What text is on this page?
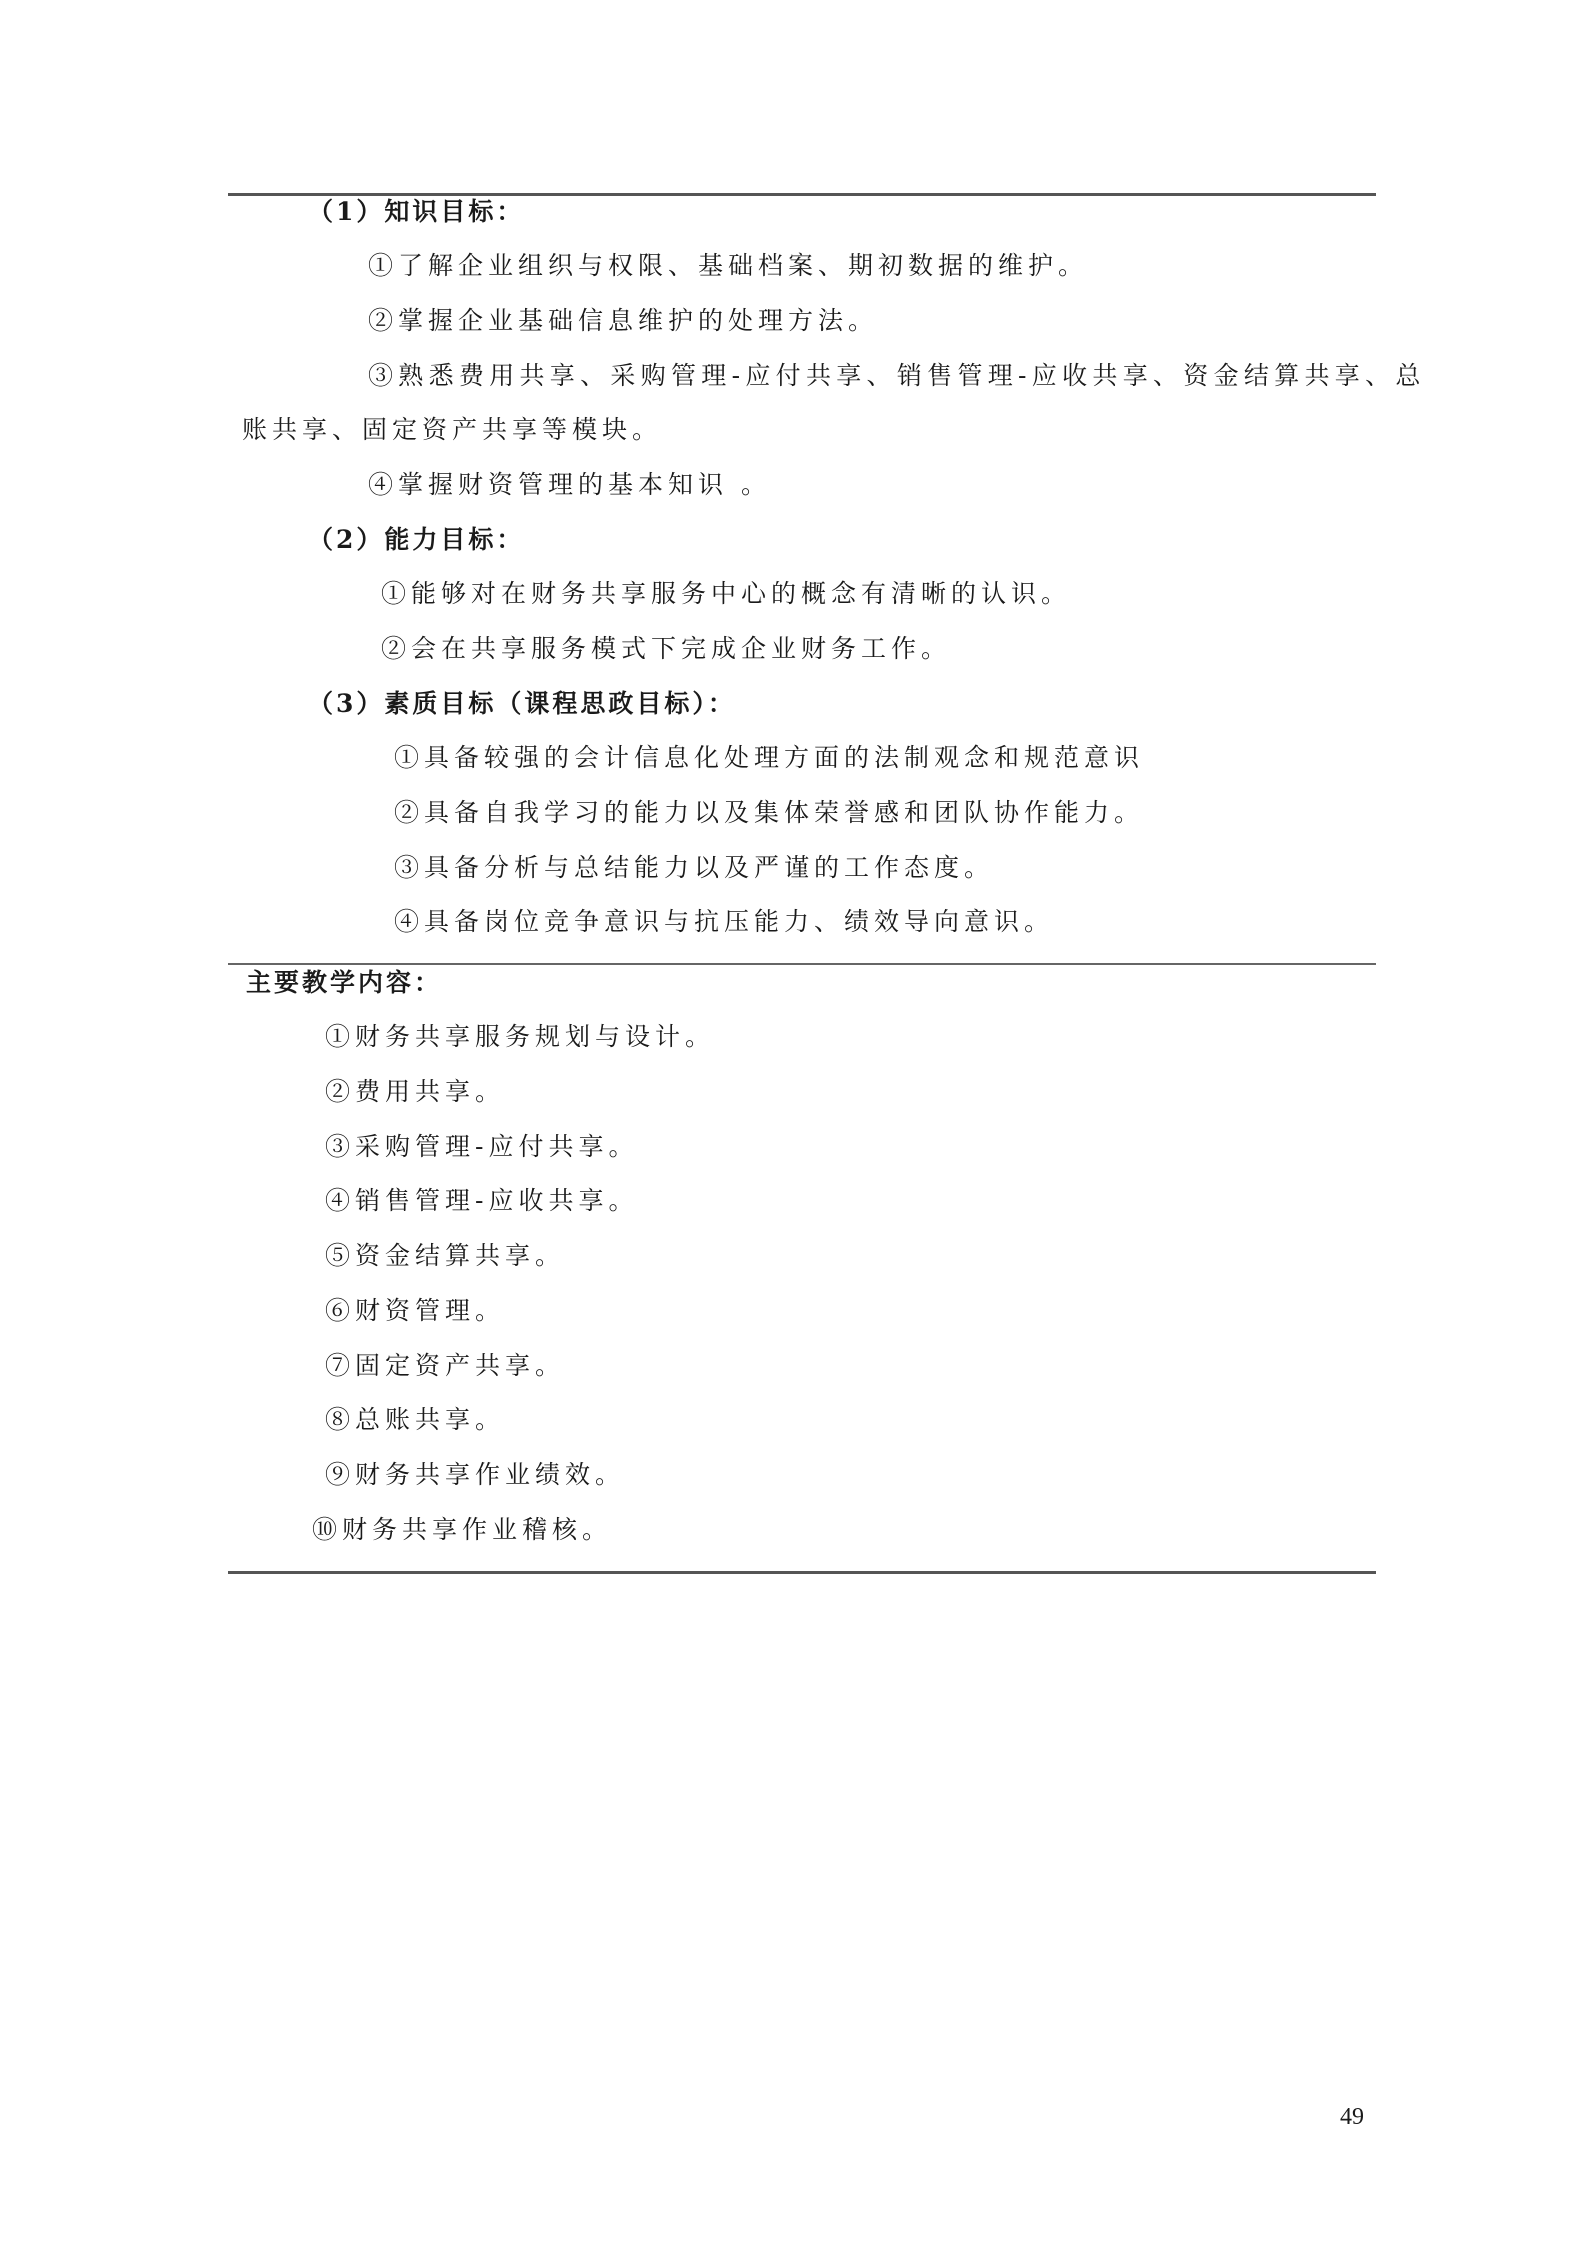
（1）知识目标：
①了解企业组织与权限、基础档案、期初数据的维护。
②掌握企业基础信息维护的处理方法。
③熟悉费用共享、采购管理-应付共享、销售管理-应收共享、资金结算共享、总
账共享、固定资产共享等模块。
④掌握财资管理的基本知识 。
（2）能力目标：
①能够对在财务共享服务中心的概念有清晰的认识。
②会在共享服务模式下完成企业财务工作。
（3）素质目标（课程思政目标）：
①具备较强的会计信息化处理方面的法制观念和规范意识
②具备自我学习的能力以及集体荣誉感和团队协作能力。
③具备分析与总结能力以及严谨的工作态度。
④具备岗位竞争意识与抗压能力、绩效导向意识。
主要教学内容：
①财务共享服务规划与设计。
②费用共享。
③采购管理-应付共享。
④销售管理-应收共享。
⑤资金结算共享。
⑥财资管理。
⑦固定资产共享。
⑧总账共享。
⑨财务共享作业绩效。
⑩财务共享作业稽核。
49
